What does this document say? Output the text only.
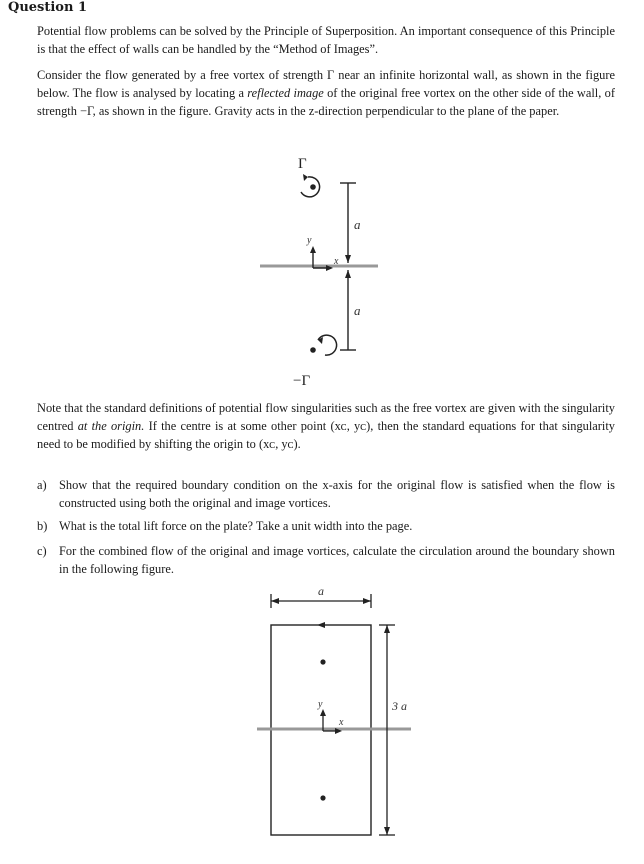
Question 1

Potential flow problems can be solved by the Principle of Superposition. An important consequence of this Principle is that the effect of walls can be handled by the “Method of Images”.

Consider the flow generated by a free vortex of strength Γ near an infinite horizontal wall, as shown in the figure below. The flow is analysed by locating a reflected image of the original free vortex on the other side of the wall, of strength −Γ, as shown in the figure. Gravity acts in the z-direction perpendicular to the plane of the paper.

Γ
a
y
x
a
−Γ

Note that the standard definitions of potential flow singularities such as the free vortex are given with the singularity centred at the origin. If the centre is at some other point (xᴄ, yᴄ), then the standard equations for that singularity need to be modified by shifting the origin to (xᴄ, yᴄ).

a) Show that the required boundary condition on the x-axis for the original flow is satisfied when the flow is constructed using both the original and image vortices.
b) What is the total lift force on the plate? Take a unit width into the page.
c) For the combined flow of the original and image vortices, calculate the circulation around the boundary shown in the following figure.
a
y
x
3 a
